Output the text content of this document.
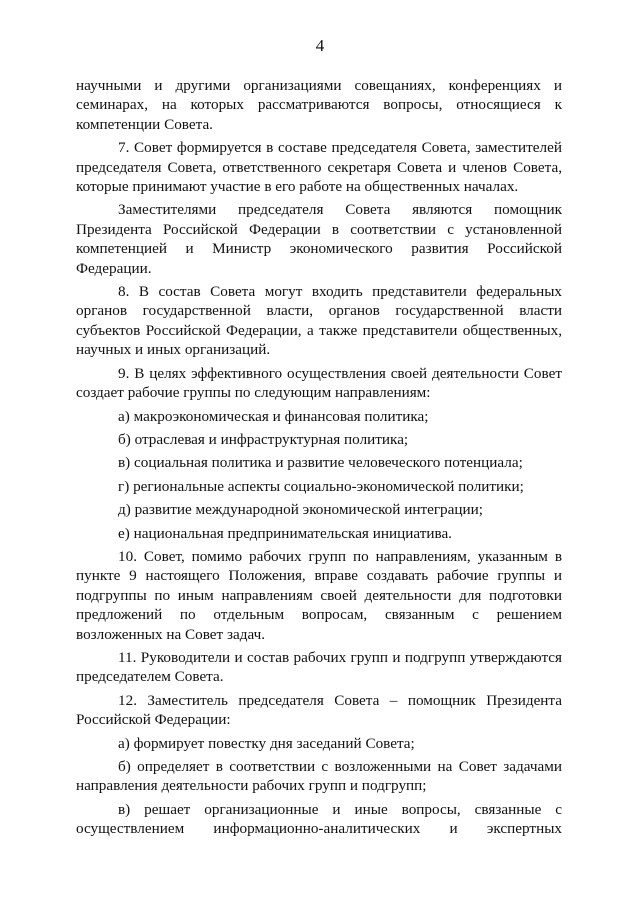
4

научными и другими организациями совещаниях, конференциях и семинарах, на которых рассматриваются вопросы, относящиеся к компетенции Совета.

7. Совет формируется в составе председателя Совета, заместителей председателя Совета, ответственного секретаря Совета и членов Совета, которые принимают участие в его работе на общественных началах.

Заместителями председателя Совета являются помощник Президента Российской Федерации в соответствии с установленной компетенцией и Министр экономического развития Российской Федерации.

8. В состав Совета могут входить представители федеральных органов государственной власти, органов государственной власти субъектов Российской Федерации, а также представители общественных, научных и иных организаций.

9. В целях эффективного осуществления своей деятельности Совет создает рабочие группы по следующим направлениям:

а) макроэкономическая и финансовая политика;

б) отраслевая и инфраструктурная политика;

в) социальная политика и развитие человеческого потенциала;

г) региональные аспекты социально-экономической политики;

д) развитие международной экономической интеграции;

е) национальная предпринимательская инициатива.

10. Совет, помимо рабочих групп по направлениям, указанным в пункте 9 настоящего Положения, вправе создавать рабочие группы и подгруппы по иным направлениям своей деятельности для подготовки предложений по отдельным вопросам, связанным с решением возложенных на Совет задач.

11. Руководители и состав рабочих групп и подгрупп утверждаются председателем Совета.

12. Заместитель председателя Совета – помощник Президента Российской Федерации:

а) формирует повестку дня заседаний Совета;

б) определяет в соответствии с возложенными на Совет задачами направления деятельности рабочих групп и подгрупп;

в) решает организационные и иные вопросы, связанные с осуществлением информационно-аналитических и экспертных
